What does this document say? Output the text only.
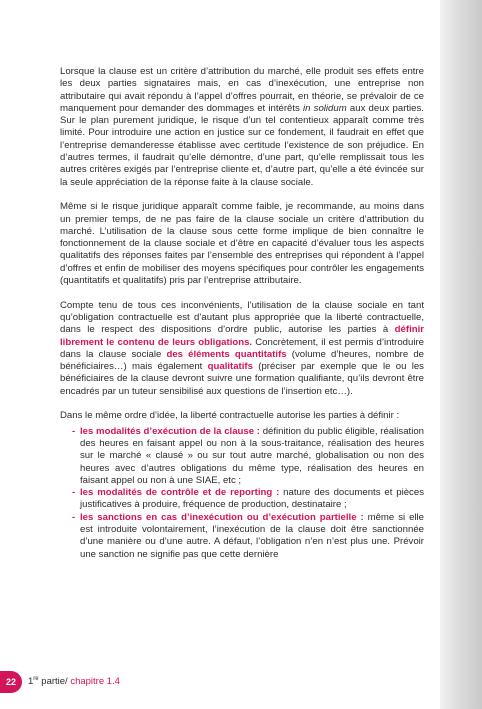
Lorsque la clause est un critère d’attribution du marché, elle produit ses effets entre les deux parties signataires mais, en cas d’inexécution, une entreprise non attributaire qui avait répondu à l’appel d’offres pourrait, en théorie, se prévaloir de ce manquement pour demander des dommages et intérêts in solidum aux deux parties. Sur le plan purement juridique, le risque d’un tel contentieux apparaît comme très limité. Pour introduire une action en justice sur ce fondement, il faudrait en effet que l’entreprise demanderesse établisse avec certitude l’existence de son préjudice. En d’autres termes, il faudrait qu’elle démontre, d’une part, qu’elle remplissait tous les autres critères exigés par l’entreprise cliente et, d’autre part, qu’elle a été évincée sur la seule appréciation de la réponse faite à la clause sociale.

Même si le risque juridique apparaît comme faible, je recommande, au moins dans un premier temps, de ne pas faire de la clause sociale un critère d’attribution du marché. L’utilisation de la clause sous cette forme implique de bien connaître le fonctionnement de la clause sociale et d’être en capacité d’évaluer tous les aspects qualitatifs des réponses faites par l’ensemble des entreprises qui répondent à l’appel d’offres et enfin de mobiliser des moyens spécifiques pour contrôler les engagements (quantitatifs et qualitatifs) pris par l’entreprise attributaire.

Compte tenu de tous ces inconvénients, l’utilisation de la clause sociale en tant qu’obligation contractuelle est d’autant plus appropriée que la liberté contractuelle, dans le respect des dispositions d’ordre public, autorise les parties à définir librement le contenu de leurs obligations. Concrètement, il est permis d’introduire dans la clause sociale des éléments quantitatifs (volume d’heures, nombre de bénéficiaires…) mais également qualitatifs (préciser par exemple que le ou les bénéficiaires de la clause devront suivre une formation qualifiante, qu’ils devront être encadrés par un tuteur sensibilisé aux questions de l’insertion etc…).

Dans le même ordre d’idée, la liberté contractuelle autorise les parties à définir :

- les modalités d’exécution de la clause : définition du public éligible, réalisation des heures en faisant appel ou non à la sous-traitance, réalisation des heures sur le marché « clausé » ou sur tout autre marché, globalisation ou non des heures avec d’autres obligations du même type, réalisation des heures en faisant appel ou non à une SIAE, etc ;
- les modalités de contrôle et de reporting : nature des documents et pièces justificatives à produire, fréquence de production, destinataire ;
- les sanctions en cas d’inexécution ou d’exécution partielle : même si elle est introduite volontairement, l’inexécution de la clause doit être sanctionnée d’une manière ou d’une autre. A défaut, l’obligation n’en n’est plus une. Prévoir une sanction ne signifie pas que cette dernière
22	1re partie/ chapitre 1.4
